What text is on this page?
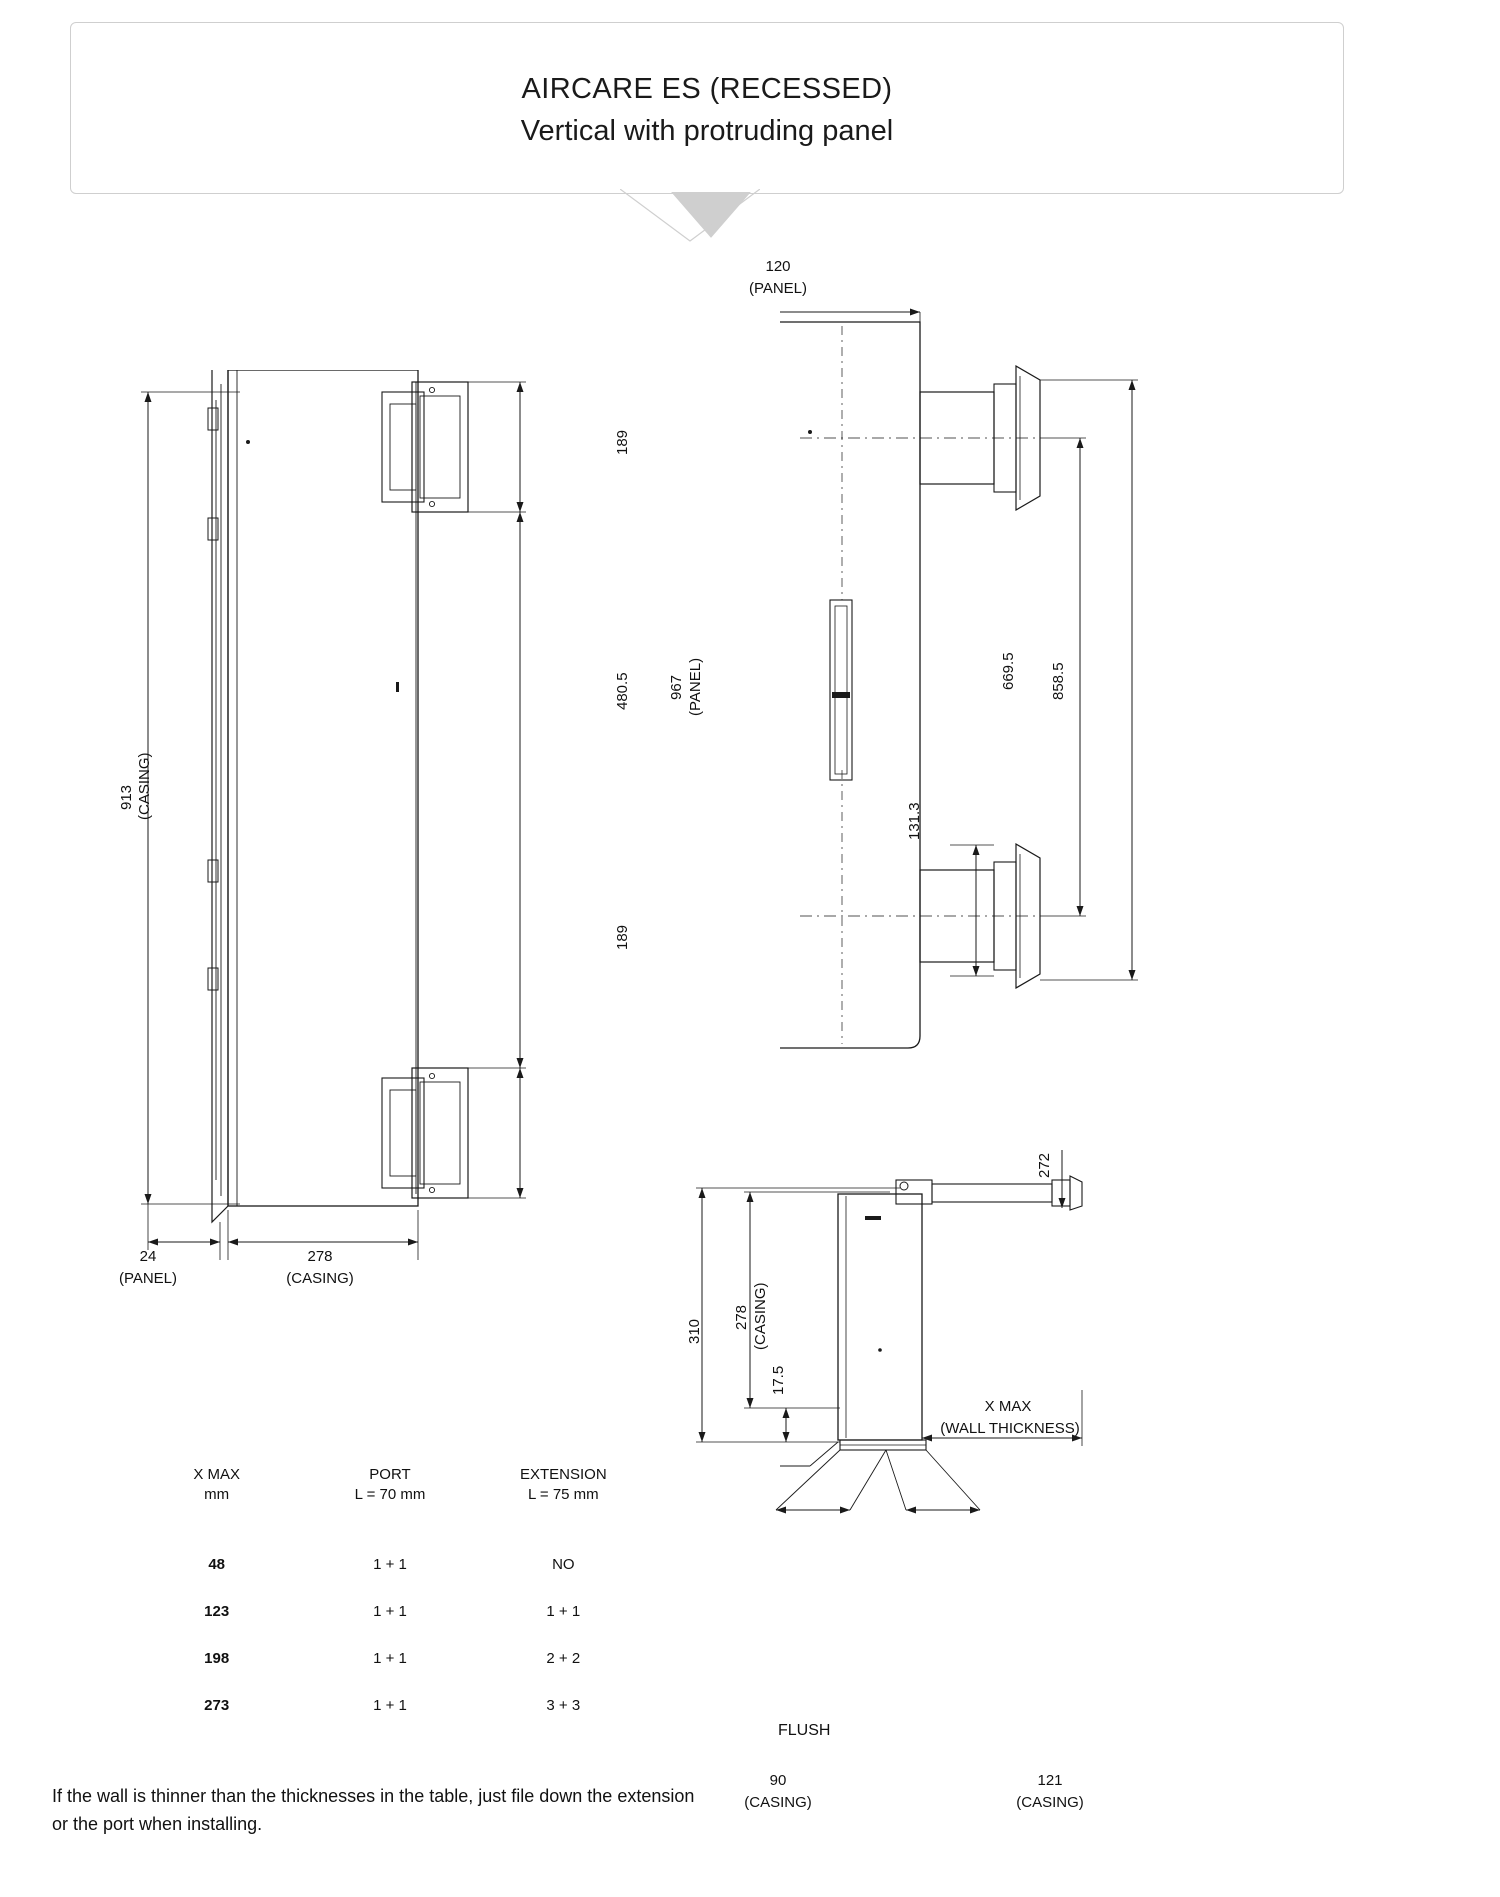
AIRCARE ES (RECESSED)
Vertical with protruding panel
913 (CASING)
189
480.5
189
24
(PANEL)
278
(CASING)
120
(PANEL)
967 (PANEL)	669.5 858.5
131.3
310
278 (CASING)
17.5
272
X MAX
(WALL THICKNESS)
90
(CASING)
121
(CASING)
FLUSH
X MAX
mm
PORT
L = 70 mm
EXTENSION
L = 75 mm
48	1 + 1	NO
123	1 + 1	1 + 1
198	1 + 1	2 + 2
273	1 + 1	3 + 3
If the wall is thinner than the thicknesses in the table, just file down the extension or the port when installing.
